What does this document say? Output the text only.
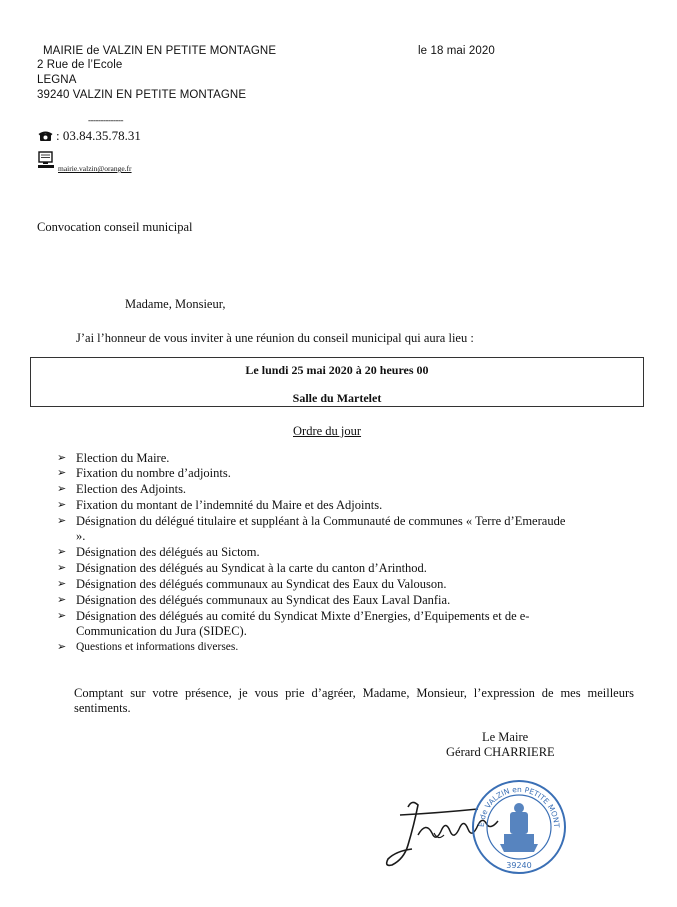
MAIRIE de VALZIN EN PETITE MONTAGNE
2 Rue de l’Ecole
LEGNA
39240 VALZIN EN PETITE MONTAGNE
le 18 mai 2020
--------------
: 03.84.35.78.31
mairie.valzin@orange.fr
Convocation conseil municipal
Madame, Monsieur,
J’ai l’honneur de vous inviter à une réunion du conseil municipal qui aura lieu :
Le lundi 25 mai 2020 à 20 heures 00
Salle du Martelet
Ordre du jour
➢ Election du Maire.
➢ Fixation du nombre d’adjoints.
➢ Election des Adjoints.
➢ Fixation du montant de l’indemnité du Maire et des Adjoints.
➢ Désignation du délégué titulaire et suppléant à la Communauté de communes « Terre d’Emeraude ».
➢ Désignation des délégués au Sictom.
➢ Désignation des délégués au Syndicat à la carte du canton d’Arinthod.
➢ Désignation des délégués communaux au Syndicat des Eaux du Valouson.
➢ Désignation des délégués communaux au Syndicat des Eaux Laval Danfia.
➢ Désignation des délégués au comité du Syndicat Mixte d’Energies, d’Equipements et de e-Communication du Jura (SIDEC).
➢ Questions et informations diverses.
Comptant sur votre présence, je vous prie d’agréer, Madame, Monsieur, l’expression de mes meilleurs sentiments.
Le Maire
Gérard CHARRIERE
E de VALZIN en PETITE MONT
39240
